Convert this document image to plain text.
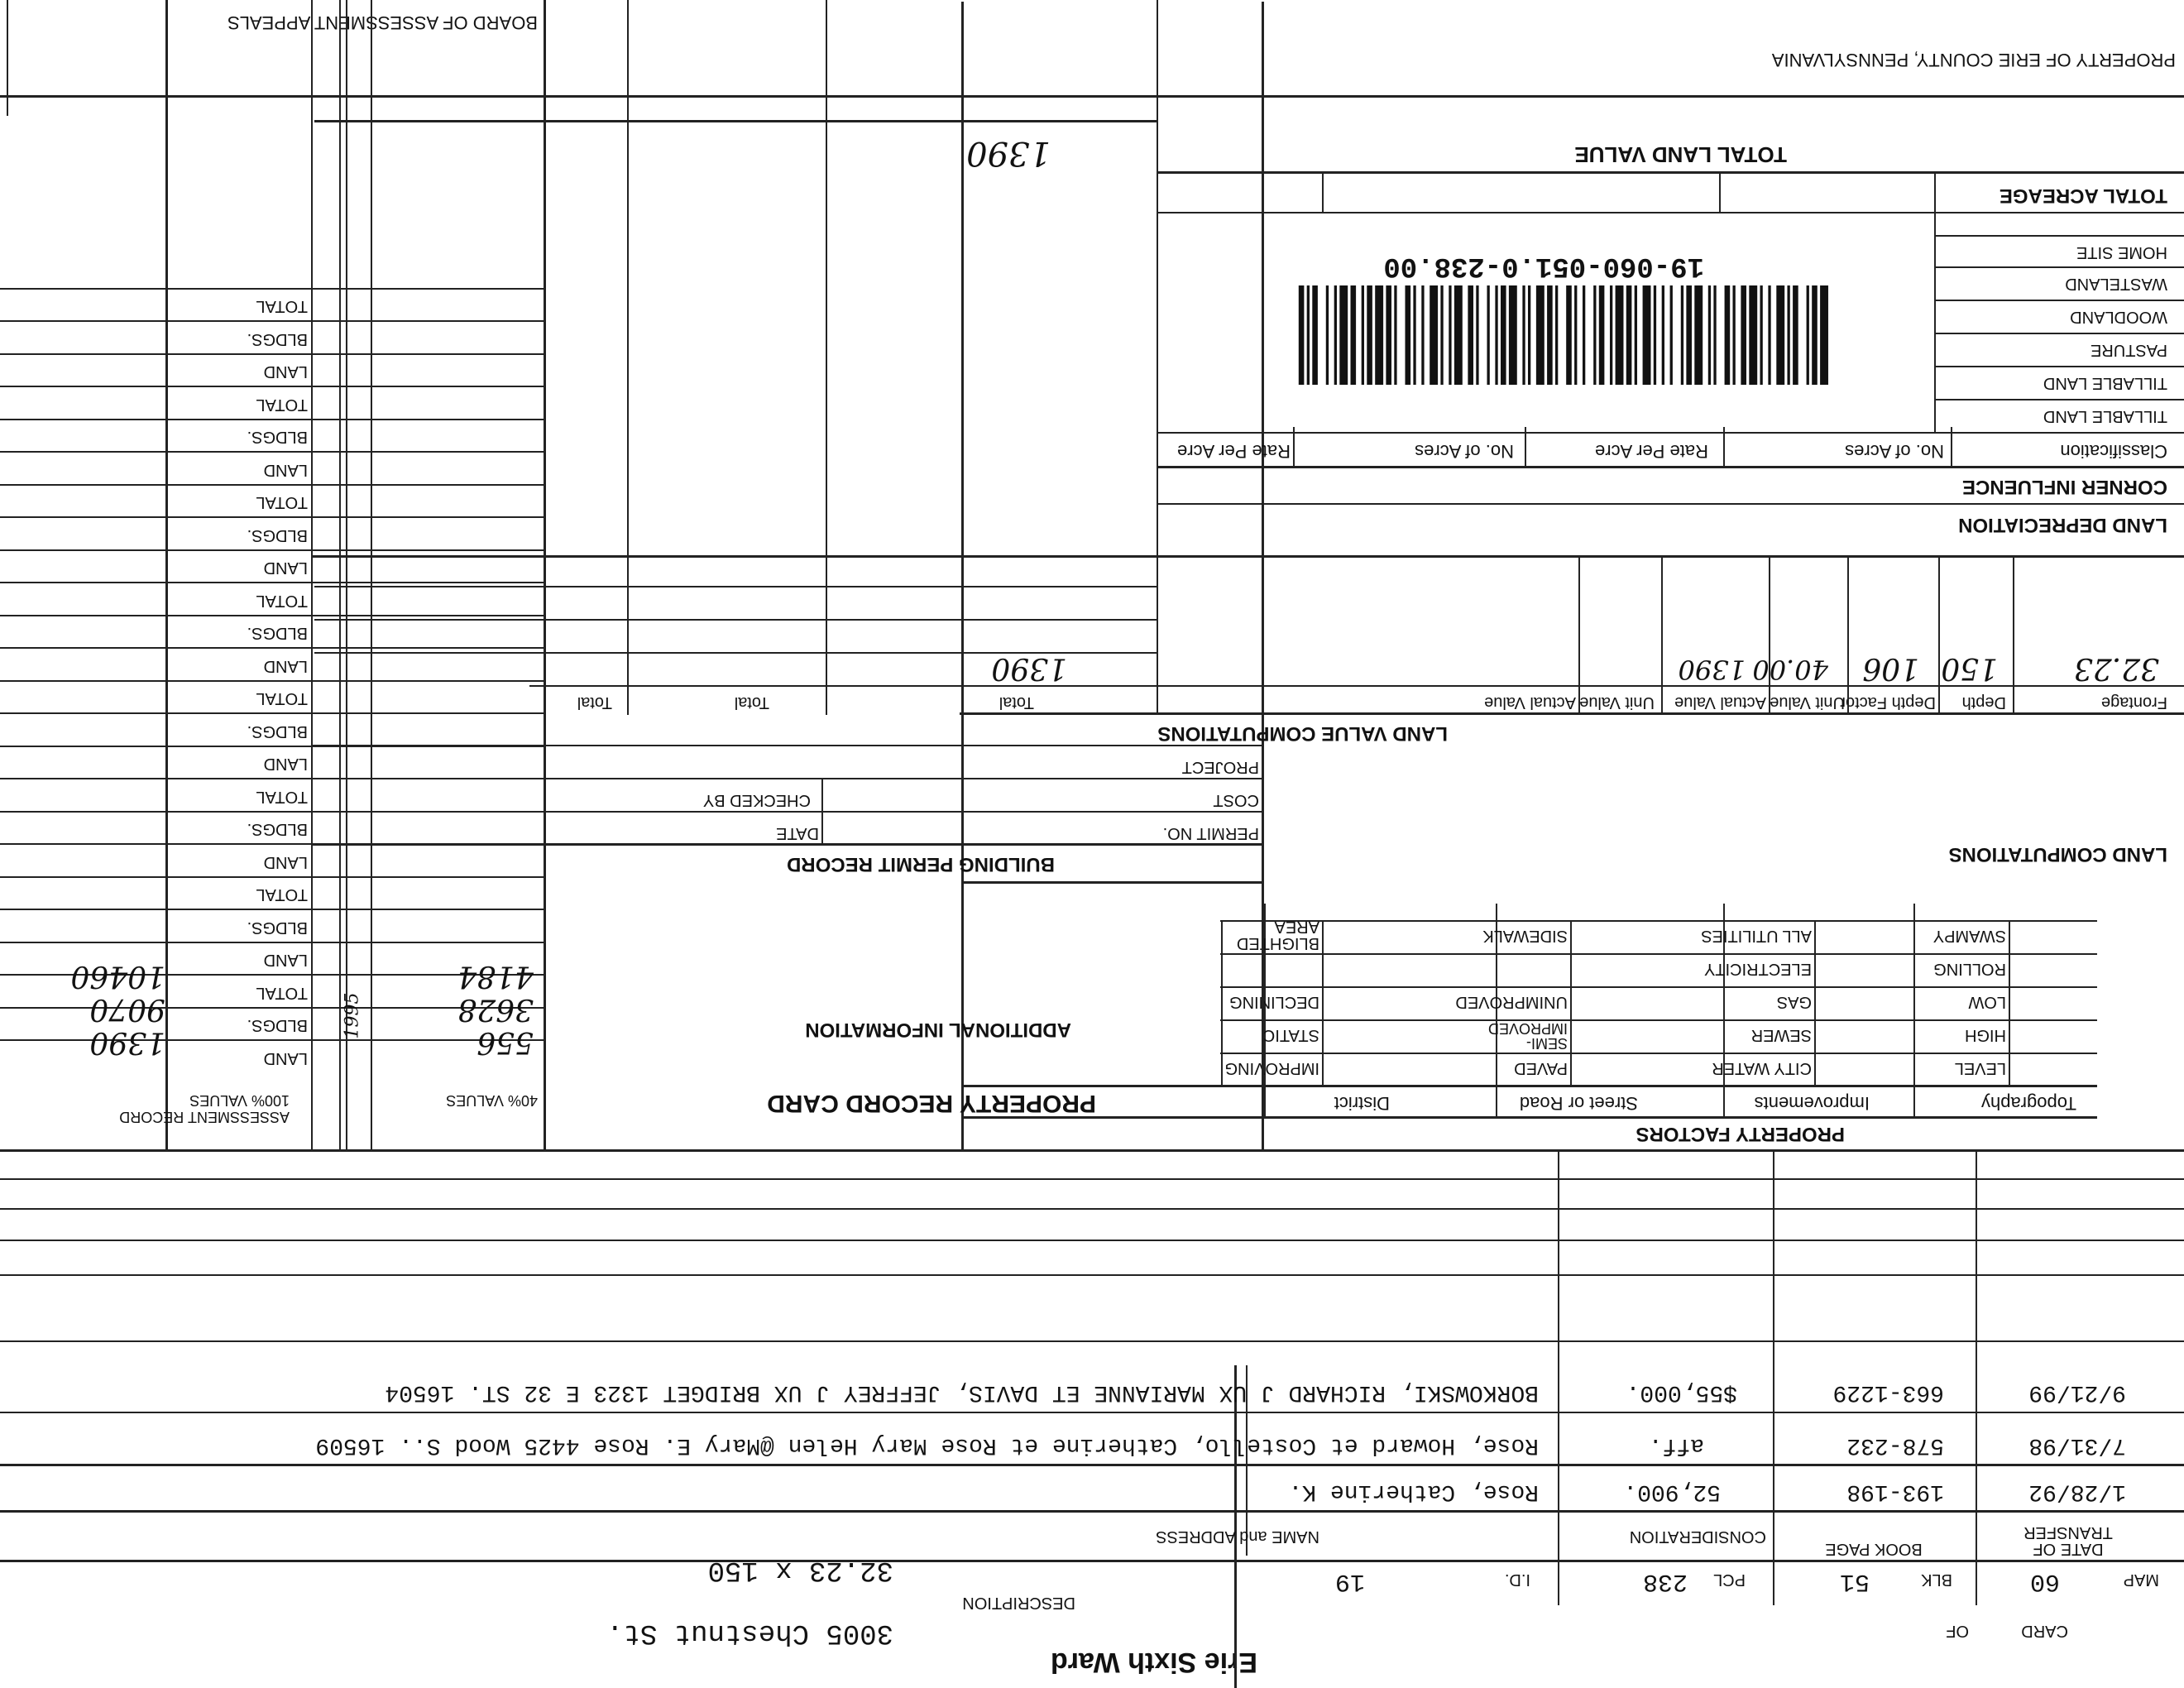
Erie Sixth Ward
DESCRIPTION
CARD
OF
3005 Chestnut St.
MAP
60
BLK
51
PCL
238
I.D.
19
32.23 x 150
DATE OF TRANSFER
BOOK PAGE
CONSIDERATION
NAME and ADDRESS
1/28/92
193-198
52,900.
Rose, Catherine K.
7/31/98
578-232
aff.
Rose, Howard et Costello, Catherine et Rose Mary Helen @Mary E. Rose 4425 Wood S.. 16509
9/21/99
663-1229
$55,000.
BORKOWSKI, RICHARD J UX MARIANNE ET DAVIS, JEFFREY J UX BRIDGET 1323 E 32 ST. 16504
PROPERTY FACTORS
Topography
Improvements
Street or Road
District
LEVEL
HIGH
LOW
ROLLING
SWAMPY
CITY WATER
SEWER
GAS
ELECTRICITY
ALL UTILITIES
PAVED
SEMI-IMPROVED
UNIMPROVED
SIDEWALK
IMPROVING
STATIC
DECLINING
BLIGHTED AREA
PROPERTY RECORD CARD
ADDITIONAL INFORMATION
BUILDING PERMIT RECORD
PERMIT NO.
DATE
COST
CHECKED BY
PROJECT
LAND COMPUTATIONS
LAND VALUE COMPUTATIONS
Frontage
Depth
Depth Factor
Unit Value
Actual Value
Unit Value
Actual Value
Total
Total
Total
32.23
150
106
40.00
1390
1390
LAND DEPRECIATION
CORNER INFLUENCE
Classification
No. of Acres
Rate Per Acre
No. of Acres
Rate Per Acre
TILLABLE LAND
TILLABLE LAND
PASTURE
WOODLAND
WASTELAND
HOME SITE
19-060-051.0-238.00
TOTAL ACREAGE
TOTAL LAND VALUE
1390
PROPERTY OF ERIE COUNTY, PENNSYLVANIA
BOARD OF ASSESSMENT APPEALS
40% VALUES
100% VALUES
ASSESSMENT RECORD
LAND
BLDGS.
TOTAL
LAND
BLDGS.
TOTAL
LAND
BLDGS.
TOTAL
LAND
BLDGS.
TOTAL
LAND
BLDGS.
TOTAL
LAND
BLDGS.
TOTAL
LAND
BLDGS.
TOTAL
LAND
BLDGS.
TOTAL
556
3628
4184
1390
9070
10460
1995
